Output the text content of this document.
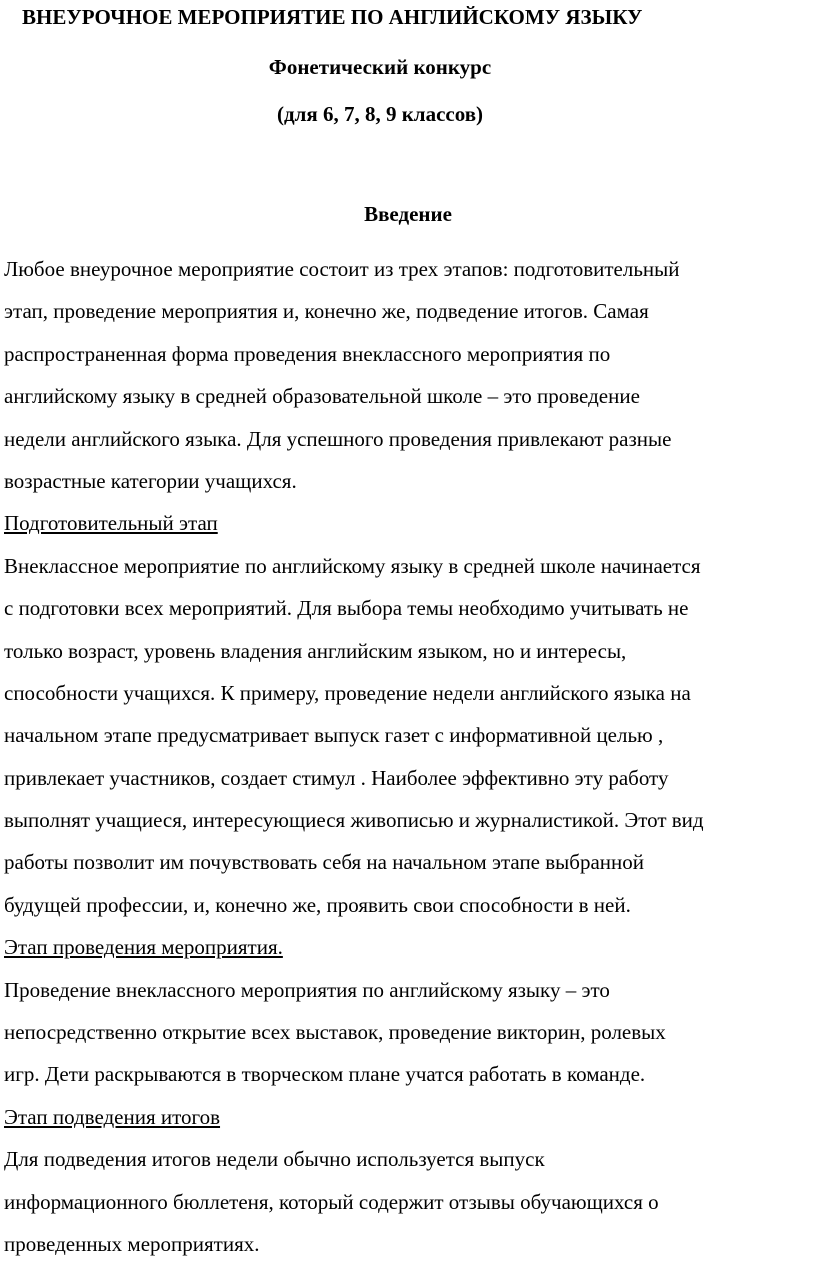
ВНЕУРОЧНОЕ МЕРОПРИЯТИЕ ПО АНГЛИЙСКОМУ ЯЗЫКУ

Фонетический конкурс

(для 6, 7, 8, 9 классов)

Введение
Любое внеурочное мероприятие состоит из трех этапов: подготовительный
этап, проведение мероприятия и, конечно же, подведение итогов. Самая
распространенная форма проведения внеклассного мероприятия по
английскому языку в средней образовательной школе – это проведение
недели английского языка. Для успешного проведения привлекают разные
возрастные категории учащихся.
Подготовительный этап
Внеклассное мероприятие по английскому языку в средней школе начинается
с подготовки всех мероприятий. Для выбора темы необходимо учитывать не
только возраст, уровень владения английским языком, но и интересы,
способности учащихся. К примеру, проведение недели английского языка на
начальном этапе предусматривает выпуск газет с информативной целью ,
привлекает участников, создает стимул . Наиболее эффективно эту работу
выполнят учащиеся, интересующиеся живописью и журналистикой. Этот вид
работы позволит им почувствовать себя на начальном этапе выбранной
будущей профессии, и, конечно же, проявить свои способности в ней.
Этап проведения мероприятия.
Проведение внеклассного мероприятия по английскому языку – это
непосредственно открытие всех выставок, проведение викторин, ролевых
игр. Дети раскрываются в творческом плане учатся работать в команде.
Этап подведения итогов
Для подведения итогов недели обычно используется выпуск
информационного бюллетеня, который содержит отзывы обучающихся о
проведенных мероприятиях.
